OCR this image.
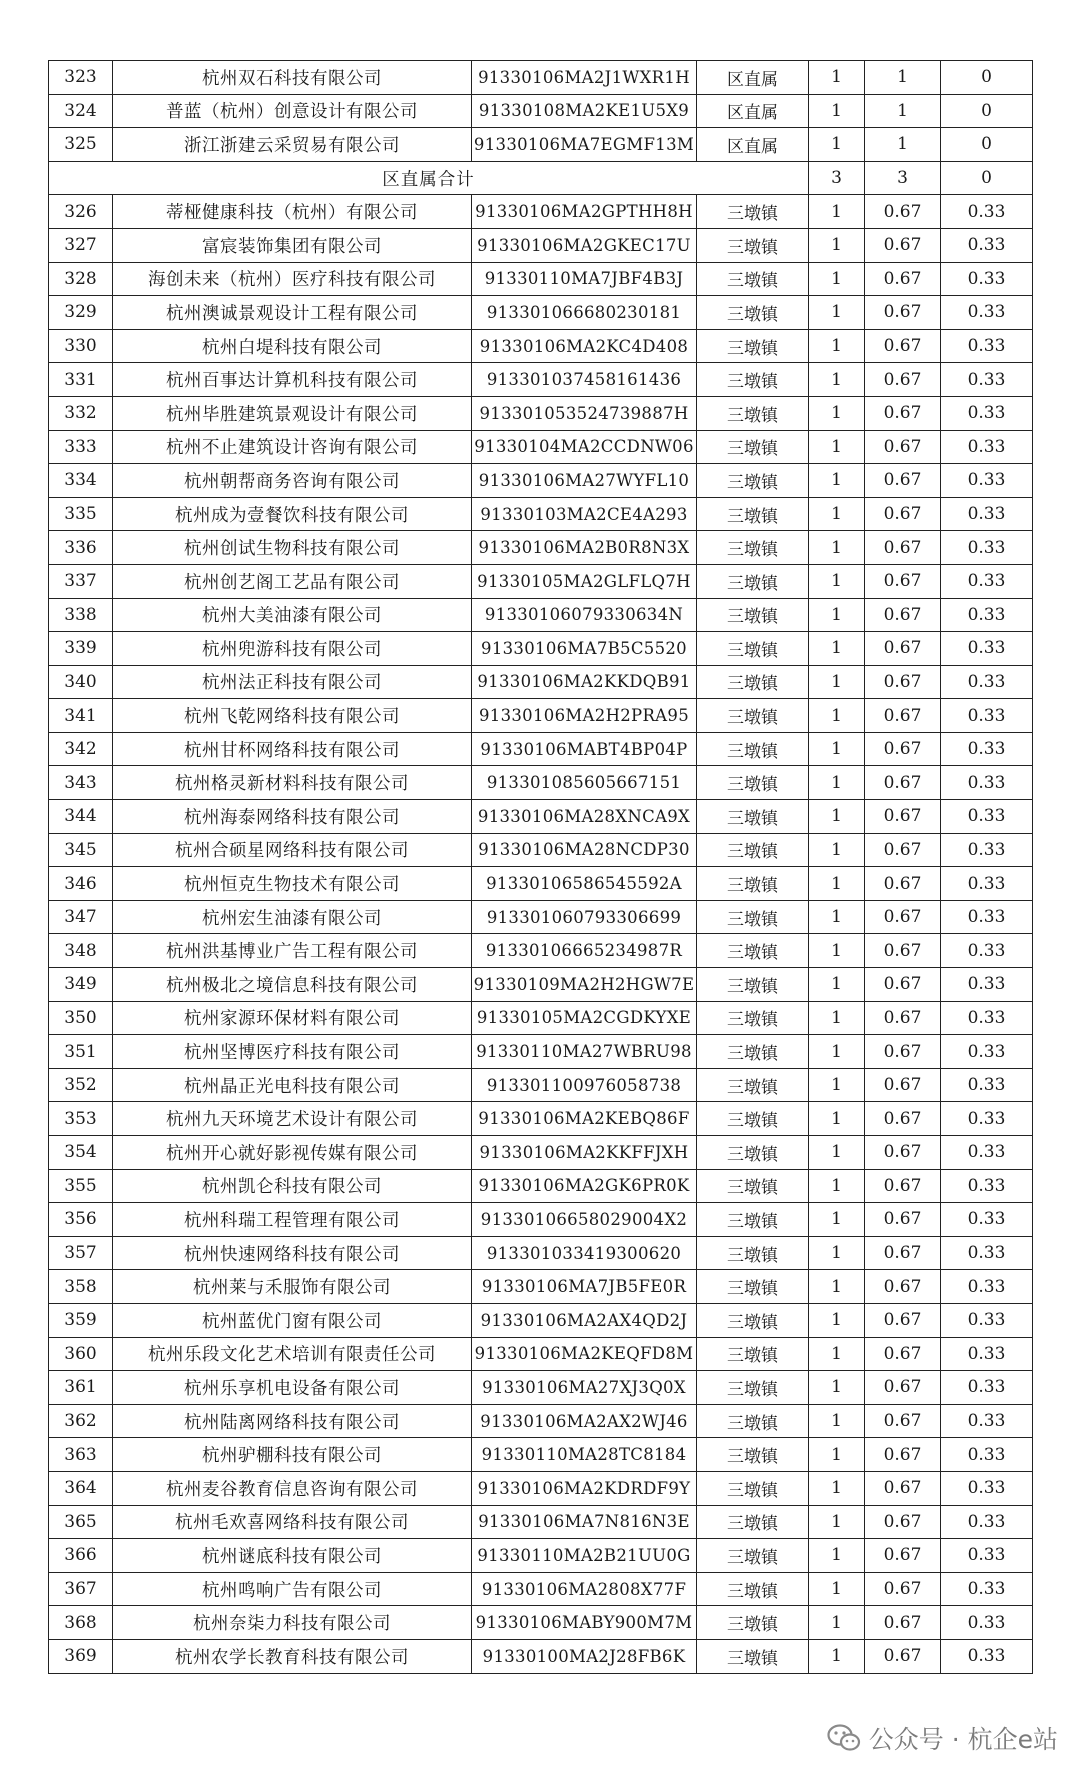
323	杭州双石科技有限公司	91330106MA2J1WXR1H	区直属	1	1	0
324	普蓝（杭州）创意设计有限公司	91330108MA2KE1U5X9	区直属	1	1	0
325	浙江浙建云采贸易有限公司	91330106MA7EGMF13M	区直属	1	1	0
区直属合计				3	3	0
326	蒂桠健康科技（杭州）有限公司	91330106MA2GPTHH8H	三墩镇	1	0.67	0.33
327	富宸装饰集团有限公司	91330106MA2GKEC17U	三墩镇	1	0.67	0.33
328	海创未来（杭州）医疗科技有限公司	91330110MA7JBF4B3J	三墩镇	1	0.67	0.33
329	杭州澳诚景观设计工程有限公司	913301066680230181	三墩镇	1	0.67	0.33
330	杭州白堤科技有限公司	91330106MA2KC4D408	三墩镇	1	0.67	0.33
331	杭州百事达计算机科技有限公司	913301037458161436	三墩镇	1	0.67	0.33
332	杭州毕胜建筑景观设计有限公司	913301053524739887H	三墩镇	1	0.67	0.33
333	杭州不止建筑设计咨询有限公司	91330104MA2CCDNW06	三墩镇	1	0.67	0.33
334	杭州朝帮商务咨询有限公司	91330106MA27WYFL10	三墩镇	1	0.67	0.33
335	杭州成为壹餐饮科技有限公司	91330103MA2CE4A293	三墩镇	1	0.67	0.33
336	杭州创试生物科技有限公司	91330106MA2B0R8N3X	三墩镇	1	0.67	0.33
337	杭州创艺阁工艺品有限公司	91330105MA2GLFLQ7H	三墩镇	1	0.67	0.33
338	杭州大美油漆有限公司	91330106079330634N	三墩镇	1	0.67	0.33
339	杭州兜游科技有限公司	91330106MA7B5C5520	三墩镇	1	0.67	0.33
340	杭州法正科技有限公司	91330106MA2KKDQB91	三墩镇	1	0.67	0.33
341	杭州飞乾网络科技有限公司	91330106MA2H2PRA95	三墩镇	1	0.67	0.33
342	杭州甘杯网络科技有限公司	91330106MABT4BP04P	三墩镇	1	0.67	0.33
343	杭州格灵新材料科技有限公司	913301085605667151	三墩镇	1	0.67	0.33
344	杭州海泰网络科技有限公司	91330106MA28XNCA9X	三墩镇	1	0.67	0.33
345	杭州合硕星网络科技有限公司	91330106MA28NCDP30	三墩镇	1	0.67	0.33
346	杭州恒克生物技术有限公司	91330106586545592A	三墩镇	1	0.67	0.33
347	杭州宏生油漆有限公司	913301060793306699	三墩镇	1	0.67	0.33
348	杭州洪基博业广告工程有限公司	91330106665234987R	三墩镇	1	0.67	0.33
349	杭州极北之境信息科技有限公司	91330109MA2H2HGW7E	三墩镇	1	0.67	0.33
350	杭州家源环保材料有限公司	91330105MA2CGDKYXE	三墩镇	1	0.67	0.33
351	杭州坚博医疗科技有限公司	91330110MA27WBRU98	三墩镇	1	0.67	0.33
352	杭州晶正光电科技有限公司	913301100976058738	三墩镇	1	0.67	0.33
353	杭州九天环境艺术设计有限公司	91330106MA2KEBQ86F	三墩镇	1	0.67	0.33
354	杭州开心就好影视传媒有限公司	91330106MA2KKFFJXH	三墩镇	1	0.67	0.33
355	杭州凯仑科技有限公司	91330106MA2GK6PR0K	三墩镇	1	0.67	0.33
356	杭州科瑞工程管理有限公司	91330106658029004X2	三墩镇	1	0.67	0.33
357	杭州快速网络科技有限公司	913301033419300620	三墩镇	1	0.67	0.33
358	杭州莱与禾服饰有限公司	91330106MA7JB5FE0R	三墩镇	1	0.67	0.33
359	杭州蓝优门窗有限公司	91330106MA2AX4QD2J	三墩镇	1	0.67	0.33
360	杭州乐段文化艺术培训有限责任公司	91330106MA2KEQFD8M	三墩镇	1	0.67	0.33
361	杭州乐享机电设备有限公司	91330106MA27XJ3Q0X	三墩镇	1	0.67	0.33
362	杭州陆离网络科技有限公司	91330106MA2AX2WJ46	三墩镇	1	0.67	0.33
363	杭州驴棚科技有限公司	91330110MA28TC8184	三墩镇	1	0.67	0.33
364	杭州麦谷教育信息咨询有限公司	91330106MA2KDRDF9Y	三墩镇	1	0.67	0.33
365	杭州毛欢喜网络科技有限公司	91330106MA7N816N3E	三墩镇	1	0.67	0.33
366	杭州谜底科技有限公司	91330110MA2B21UU0G	三墩镇	1	0.67	0.33
367	杭州鸣响广告有限公司	91330106MA2808X77F	三墩镇	1	0.67	0.33
368	杭州奈柒力科技有限公司	91330106MABY900M7M	三墩镇	1	0.67	0.33
369	杭州农学长教育科技有限公司	91330100MA2J28FB6K	三墩镇	1	0.67	0.33
公众号 · 杭企e站
